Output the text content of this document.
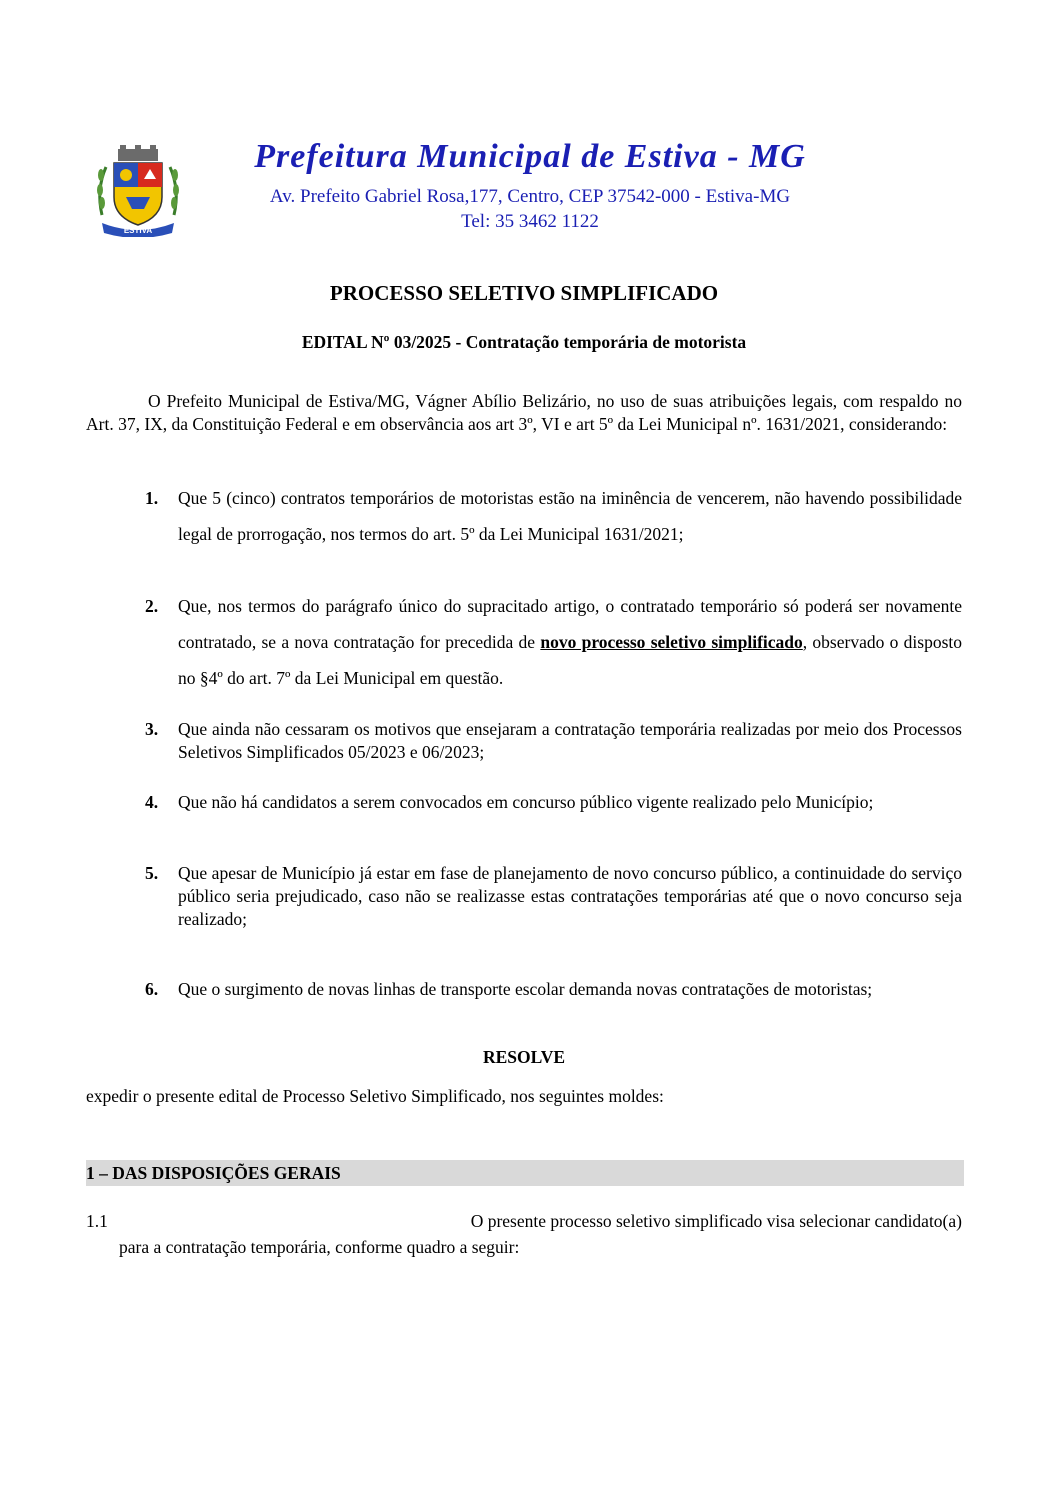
ESTIVA
Prefeitura Municipal de Estiva - MG
Av. Prefeito Gabriel Rosa,177, Centro, CEP 37542-000 - Estiva-MG
Tel: 35 3462 1122
PROCESSO SELETIVO SIMPLIFICADO
EDITAL Nº 03/2025 - Contratação temporária de motorista
O Prefeito Municipal de Estiva/MG, Vágner Abílio Belizário, no uso de suas atribuições legais, com respaldo no Art. 37, IX, da Constituição Federal e em observância aos art 3º, VI e art 5º da Lei Municipal nº. 1631/2021, considerando:
1. Que 5 (cinco) contratos temporários de motoristas estão na iminência de vencerem, não havendo possibilidade legal de prorrogação, nos termos do art. 5º da Lei Municipal 1631/2021;
2. Que, nos termos do parágrafo único do supracitado artigo, o contratado temporário só poderá ser novamente contratado, se a nova contratação for precedida de novo processo seletivo simplificado, observado o disposto no §4º do art. 7º da Lei Municipal em questão.
3. Que ainda não cessaram os motivos que ensejaram a contratação temporária realizadas por meio dos Processos Seletivos Simplificados 05/2023 e 06/2023;
4. Que não há candidatos a serem convocados em concurso público vigente realizado pelo Município;
5. Que apesar de Município já estar em fase de planejamento de novo concurso público, a continuidade do serviço público seria prejudicado, caso não se realizasse estas contratações temporárias até que o novo concurso seja realizado;
6. Que o surgimento de novas linhas de transporte escolar demanda novas contratações de motoristas;
RESOLVE
expedir o presente edital de Processo Seletivo Simplificado, nos seguintes moldes:
1 – DAS DISPOSIÇÕES GERAIS
1.1	O presente processo seletivo simplificado visa selecionar candidato(a)
para a contratação temporária, conforme quadro a seguir:
